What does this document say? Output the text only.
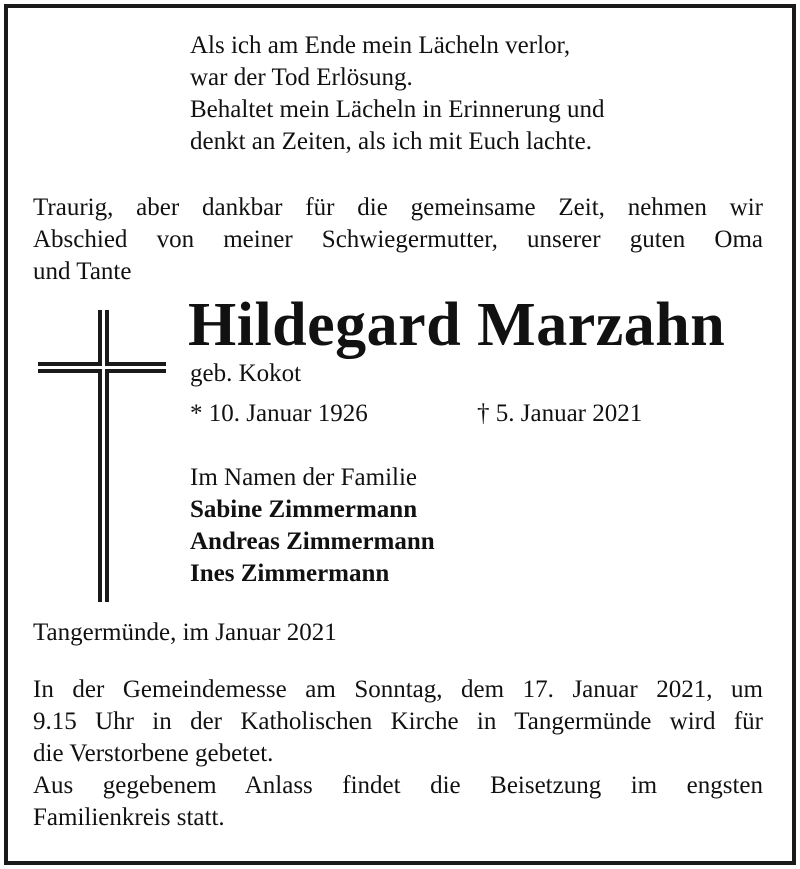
Als ich am Ende mein Lächeln verlor,
war der Tod Erlösung.
Behaltet mein Lächeln in Erinnerung und
denkt an Zeiten, als ich mit Euch lachte.
Traurig, aber dankbar für die gemeinsame Zeit, nehmen wir
Abschied von meiner Schwiegermutter, unserer guten Oma
und Tante
Hildegard Marzahn
geb. Kokot
* 10. Januar 1926	† 5. Januar 2021
Im Namen der Familie
Sabine Zimmermann
Andreas Zimmermann
Ines Zimmermann
Tangermünde, im Januar 2021
In der Gemeindemesse am Sonntag, dem 17. Januar 2021, um
9.15 Uhr in der Katholischen Kirche in Tangermünde wird für
die Verstorbene gebetet.
Aus gegebenem Anlass findet die Beisetzung im engsten
Familienkreis statt.
